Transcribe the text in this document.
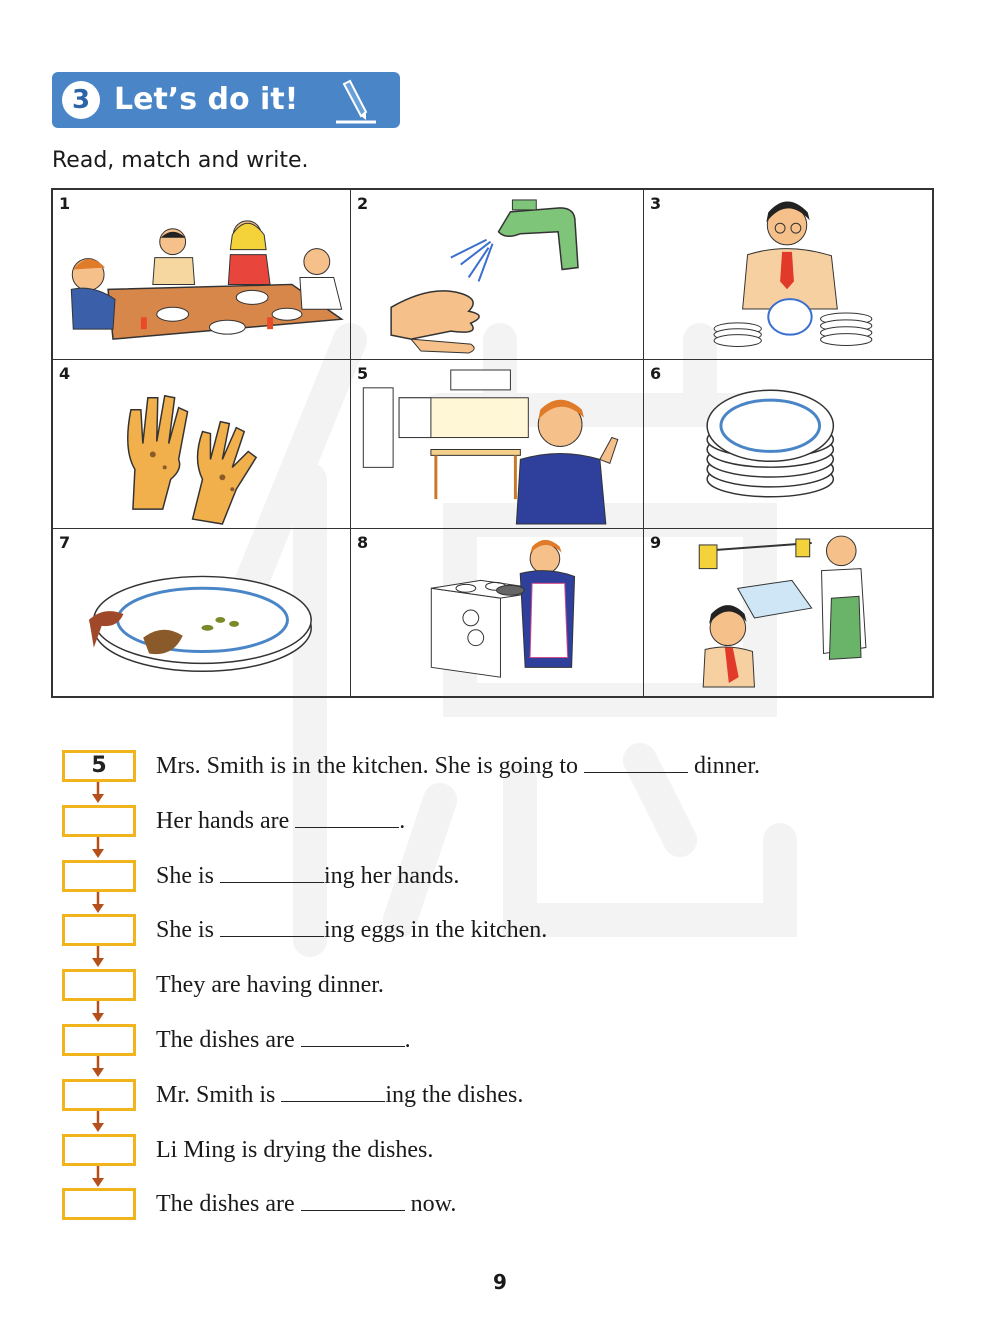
3 Let’s do it!
Read, match and write.
1	2	3
4	5	6
7	8	9
5	Mrs. Smith is in the kitchen. She is going to	dinner.
Her hands are	.
She is	ing her hands.
She is	ing eggs in the kitchen.
They are having dinner.
The dishes are	.
Mr. Smith is	ing the dishes.
Li Ming is drying the dishes.
The dishes are	now.
9
